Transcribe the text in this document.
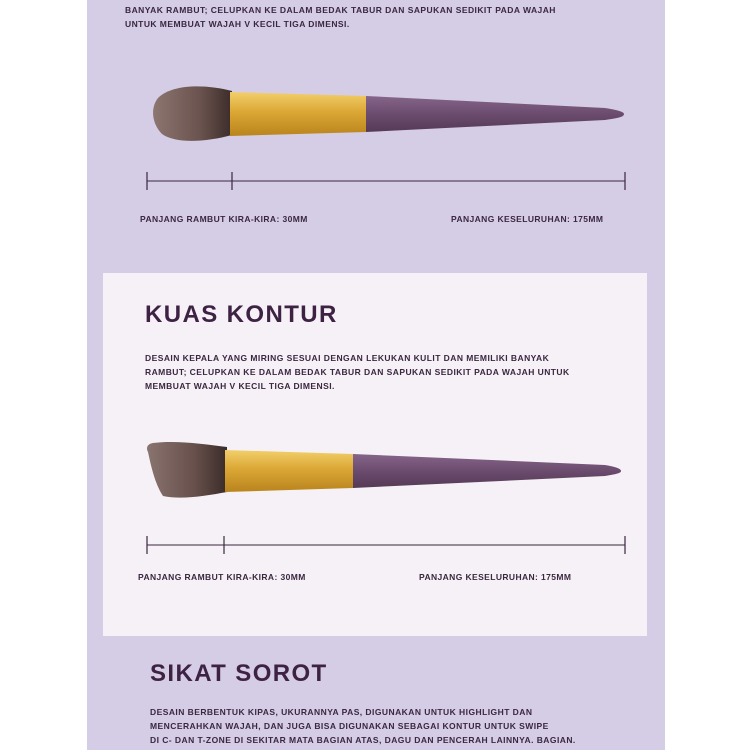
BANYAK RAMBUT; CELUPKAN KE DALAM BEDAK TABUR DAN SAPUKAN SEDIKIT PADA WAJAH
UNTUK MEMBUAT WAJAH V KECIL TIGA DIMENSI.

PANJANG RAMBUT KIRA-KIRA: 30MM	PANJANG KESELURUHAN: 175MM
KUAS KONTUR

DESAIN KEPALA YANG MIRING SESUAI DENGAN LEKUKAN KULIT DAN MEMILIKI BANYAK
RAMBUT; CELUPKAN KE DALAM BEDAK TABUR DAN SAPUKAN SEDIKIT PADA WAJAH UNTUK
MEMBUAT WAJAH V KECIL TIGA DIMENSI.

PANJANG RAMBUT KIRA-KIRA: 30MM	PANJANG KESELURUHAN: 175MM
SIKAT SOROT

DESAIN BERBENTUK KIPAS, UKURANNYA PAS, DIGUNAKAN UNTUK HIGHLIGHT DAN
MENCERAHKAN WAJAH, DAN JUGA BISA DIGUNAKAN SEBAGAI KONTUR UNTUK SWIPE
DI C- DAN T-ZONE DI SEKITAR MATA BAGIAN ATAS, DAGU DAN PENCERAH LAINNYA. BAGIAN.
